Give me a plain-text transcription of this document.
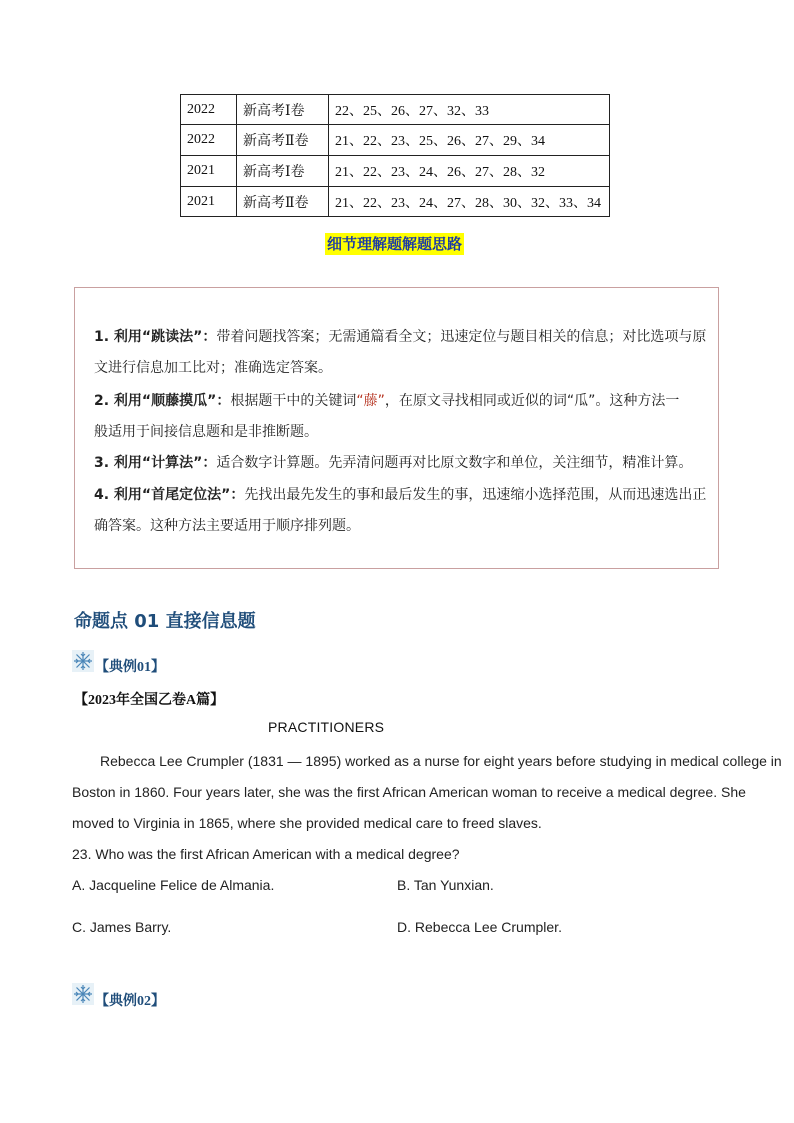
2022	新高考Ⅰ卷	22、25、26、27、32、33
2022	新高考Ⅱ卷	21、22、23、25、26、27、29、34
2021	新高考Ⅰ卷	21、22、23、24、26、27、28、32
2021	新高考Ⅱ卷	21、22、23、24、27、28、30、32、33、34
细节理解题解题思路
1. 利用“跳读法”：带着问题找答案；无需通篇看全文；迅速定位与题目相关的信息；对比选项与原
文进行信息加工比对；准确选定答案。
2. 利用“顺藤摸瓜”：根据题干中的关键词“藤”，在原文寻找相同或近似的词“瓜”。这种方法一
般适用于间接信息题和是非推断题。
3. 利用“计算法”：适合数字计算题。先弄清问题再对比原文数字和单位，关注细节，精准计算。
4. 利用“首尾定位法”：先找出最先发生的事和最后发生的事，迅速缩小选择范围，从而迅速选出正
确答案。这种方法主要适用于顺序排列题。
命题点 01 直接信息题
【典例01】
【2023年全国乙卷A篇】
PRACTITIONERS
Rebecca Lee Crumpler (1831 — 1895) worked as a nurse for eight years before studying in medical college in
Boston in 1860. Four years later, she was the first African American woman to receive a medical degree. She
moved to Virginia in 1865, where she provided medical care to freed slaves.
23. Who was the first African American with a medical degree?
A. Jacqueline Felice de Almania.	B. Tan Yunxian.
C. James Barry.	D. Rebecca Lee Crumpler.
【典例02】
